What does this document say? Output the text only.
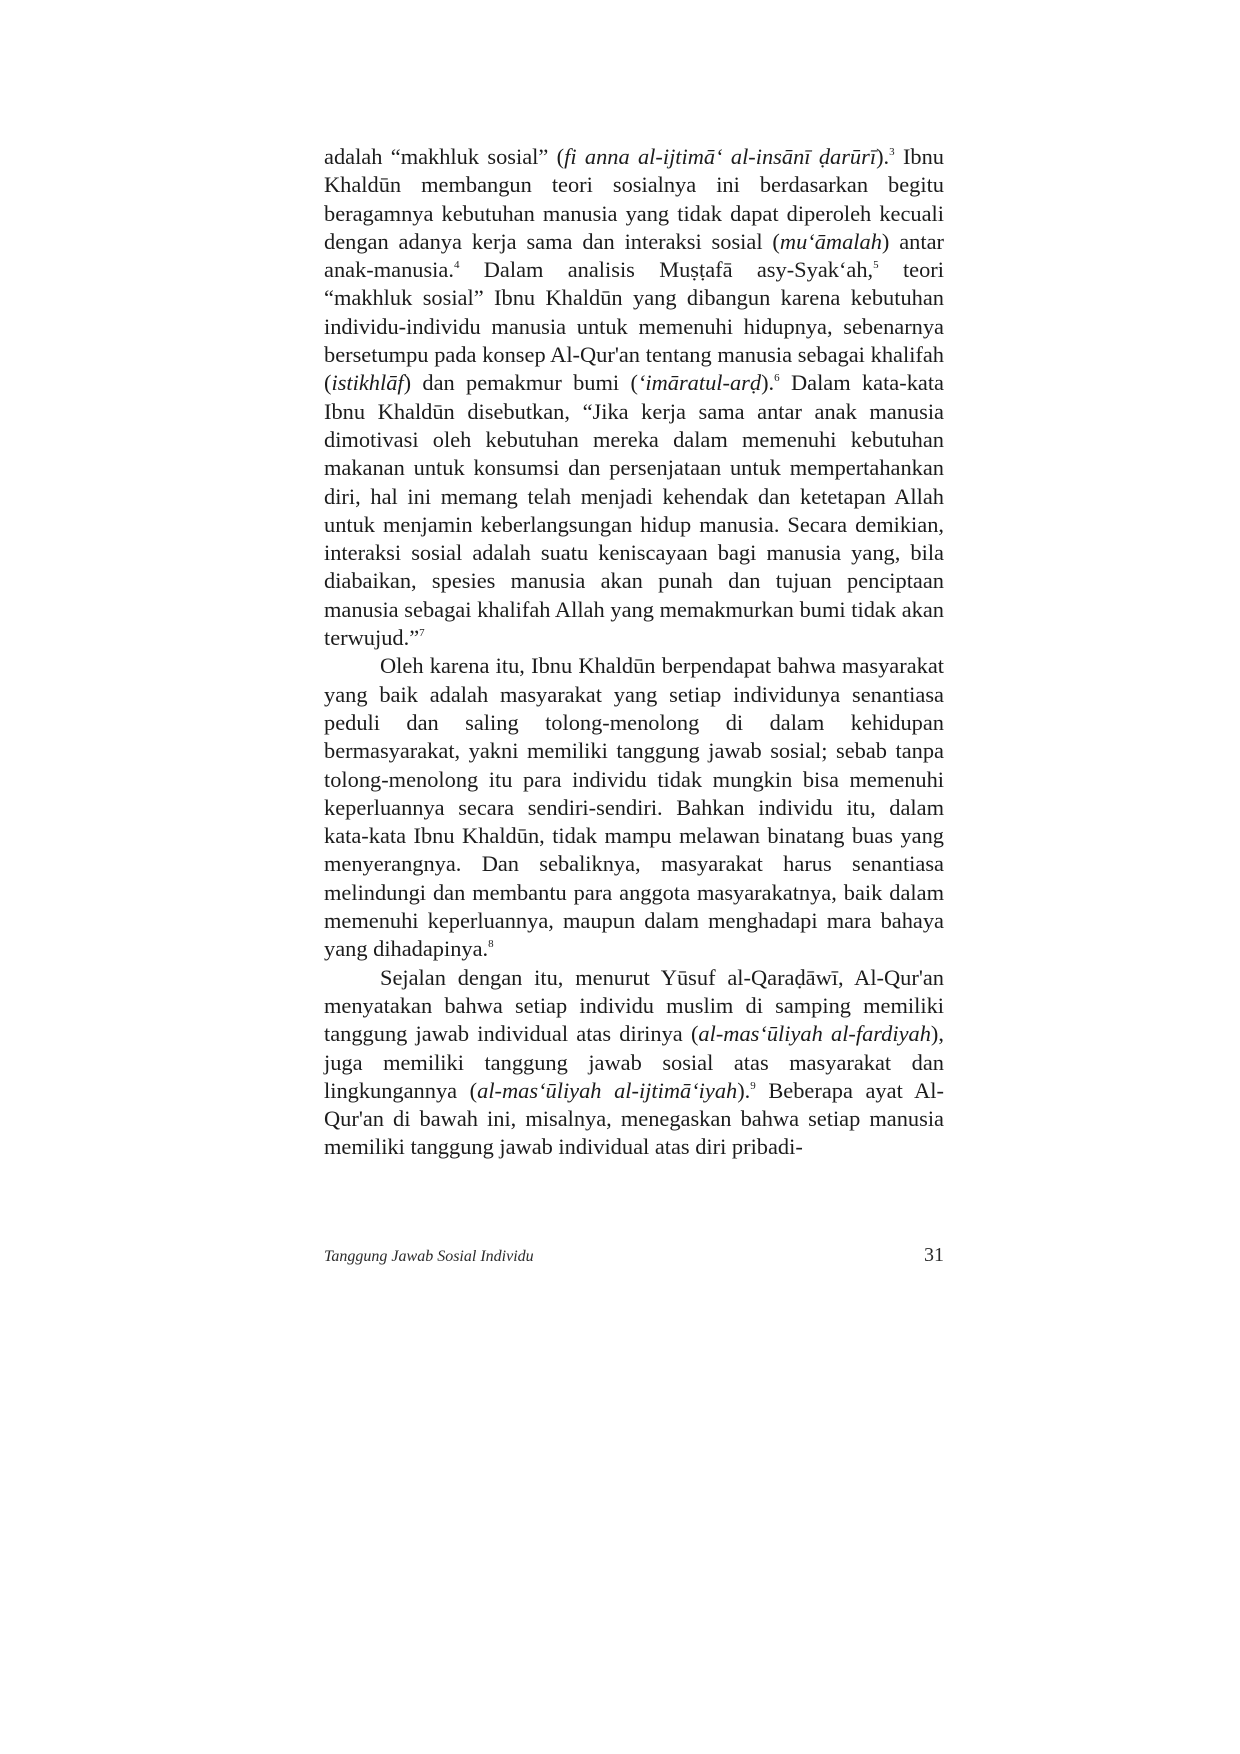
adalah “makhluk sosial” (fi anna al-ijtimā‘ al-insānī ḍarūrī).$^3$ Ibnu Khaldūn membangun teori sosialnya ini berdasarkan begitu beragamnya kebutuhan manusia yang tidak dapat diperoleh kecuali dengan adanya kerja sama dan interaksi sosial (mu‘āmalah) antar anak-manusia.$^4$ Dalam analisis Muṣṭafā asy-Syak‘ah,$^5$ teori “makhluk sosial” Ibnu Khaldūn yang dibangun karena kebutuhan individu-individu manusia untuk memenuhi hidupnya, sebenarnya bersetumpu pada konsep Al-Qur'an tentang manusia sebagai khalifah (istikhlāf) dan pemakmur bumi (‘imāratul-arḍ).$^6$ Dalam kata-kata Ibnu Khaldūn disebutkan, “Jika kerja sama antar anak manusia dimotivasi oleh kebutuhan mereka dalam memenuhi kebutuhan makanan untuk konsumsi dan persenjataan untuk mempertahankan diri, hal ini memang telah menjadi kehendak dan ketetapan Allah untuk menjamin keberlangsungan hidup manusia. Secara demikian, interaksi sosial adalah suatu keniscayaan bagi manusia yang, bila diabaikan, spesies manusia akan punah dan tujuan penciptaan manusia sebagai khalifah Allah yang memakmurkan bumi tidak akan terwujud.”$^7$

Oleh karena itu, Ibnu Khaldūn berpendapat bahwa masyarakat yang baik adalah masyarakat yang setiap individunya senantiasa peduli dan saling tolong-menolong di dalam kehidupan bermasyarakat, yakni memiliki tanggung jawab sosial; sebab tanpa tolong-menolong itu para individu tidak mungkin bisa memenuhi keperluannya secara sendiri-sendiri. Bahkan individu itu, dalam kata-kata Ibnu Khaldūn, tidak mampu melawan binatang buas yang menyerangnya. Dan sebaliknya, masyarakat harus senantiasa melindungi dan membantu para anggota masyarakatnya, baik dalam memenuhi keperluannya, maupun dalam menghadapi mara bahaya yang dihadapinya.$^8$

Sejalan dengan itu, menurut Yūsuf al-Qaraḍāwī, Al-Qur'an menyatakan bahwa setiap individu muslim di samping memiliki tanggung jawab individual atas dirinya (al-mas‘ūliyah al-fardiyah), juga memiliki tanggung jawab sosial atas masyarakat dan lingkungannya (al-mas‘ūliyah al-ijtimā‘iyah).$^9$ Beberapa ayat Al-Qur'an di bawah ini, misalnya, menegaskan bahwa setiap manusia memiliki tanggung jawab individual atas diri pribadi-

Tanggung Jawab Sosial Individu	31
